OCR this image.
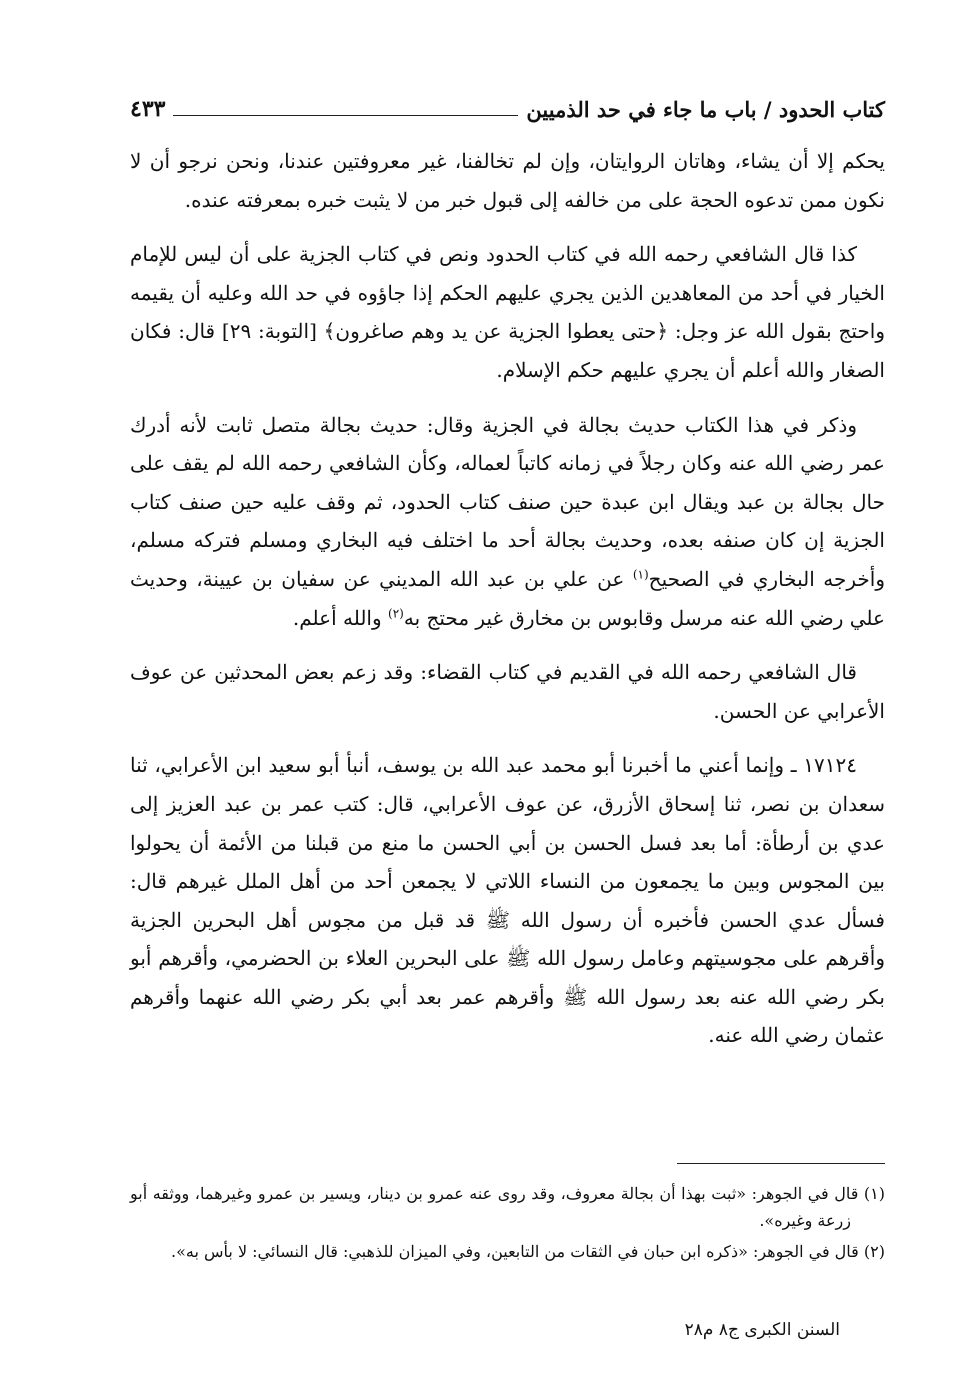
كتاب الحدود / باب ما جاء في حد الذميين
٤٣٣

يحكم إلا أن يشاء، وهاتان الروايتان، وإن لم تخالفنا، غير معروفتين عندنا، ونحن نرجو أن لا نكون ممن تدعوه الحجة على من خالفه إلى قبول خبر من لا يثبت خبره بمعرفته عنده.

كذا قال الشافعي رحمه الله في كتاب الحدود ونص في كتاب الجزية على أن ليس للإمام الخيار في أحد من المعاهدين الذين يجري عليهم الحكم إذا جاؤوه في حد الله وعليه أن يقيمه واحتج بقول الله عز وجل: ﴿حتى يعطوا الجزية عن يد وهم صاغرون﴾ [التوبة: ٢٩] قال: فكان الصغار والله أعلم أن يجري عليهم حكم الإسلام.

وذكر في هذا الكتاب حديث بجالة في الجزية وقال: حديث بجالة متصل ثابت لأنه أدرك عمر رضي الله عنه وكان رجلاً في زمانه كاتباً لعماله، وكأن الشافعي رحمه الله لم يقف على حال بجالة بن عبد ويقال ابن عبدة حين صنف كتاب الحدود، ثم وقف عليه حين صنف كتاب الجزية إن كان صنفه بعده، وحديث بجالة أحد ما اختلف فيه البخاري ومسلم فتركه مسلم، وأخرجه البخاري في الصحيح$^{(١)}$ عن علي بن عبد الله المديني عن سفيان بن عيينة، وحديث علي رضي الله عنه مرسل وقابوس بن مخارق غير محتج به$^{(٢)}$ والله أعلم.

قال الشافعي رحمه الله في القديم في كتاب القضاء: وقد زعم بعض المحدثين عن عوف الأعرابي عن الحسن.

١٧١٢٤ ـ وإنما أعني ما أخبرنا أبو محمد عبد الله بن يوسف، أنبأ أبو سعيد ابن الأعرابي، ثنا سعدان بن نصر، ثنا إسحاق الأزرق، عن عوف الأعرابي، قال: كتب عمر بن عبد العزيز إلى عدي بن أرطأة: أما بعد فسل الحسن بن أبي الحسن ما منع من قبلنا من الأئمة أن يحولوا بين المجوس وبين ما يجمعون من النساء اللاتي لا يجمعن أحد من أهل الملل غيرهم قال: فسأل عدي الحسن فأخبره أن رسول الله ﷺ قد قبل من مجوس أهل البحرين الجزية وأقرهم على مجوسيتهم وعامل رسول الله ﷺ على البحرين العلاء بن الحضرمي، وأقرهم أبو بكر رضي الله عنه بعد رسول الله ﷺ وأقرهم عمر بعد أبي بكر رضي الله عنهما وأقرهم عثمان رضي الله عنه.

(١) قال في الجوهر: «ثبت بهذا أن بجالة معروف، وقد روى عنه عمرو بن دينار، ويسير بن عمرو وغيرهما، ووثقه أبو زرعة وغيره».

(٢) قال في الجوهر: «ذكره ابن حبان في الثقات من التابعين، وفي الميزان للذهبي: قال النسائي: لا بأس به».

السنن الكبرى ج٨ م٢٨
